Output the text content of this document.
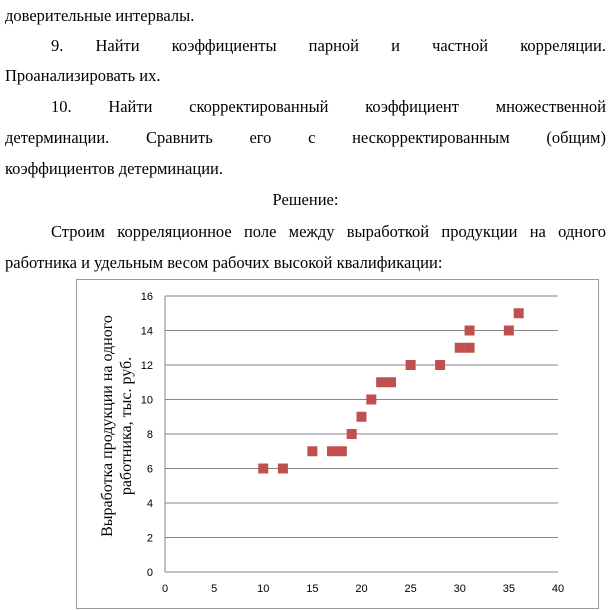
доверительные интервалы.
9. Найти коэффициенты парной и частной корреляции.
Проанализировать их.
10. Найти скорректированный коэффициент множественной
детерминации. Сравнить его с нескорректированным (общим)
коэффициентов детерминации.
Решение:
Строим корреляционное поле между выработкой продукции на одного
работника и удельным весом рабочих высокой квалификации:
0
2
4
6
8
10
12
14
16
0	5	10	15	20	25	30	35	40
Выработка продукции на одного работника, тыс. руб.
